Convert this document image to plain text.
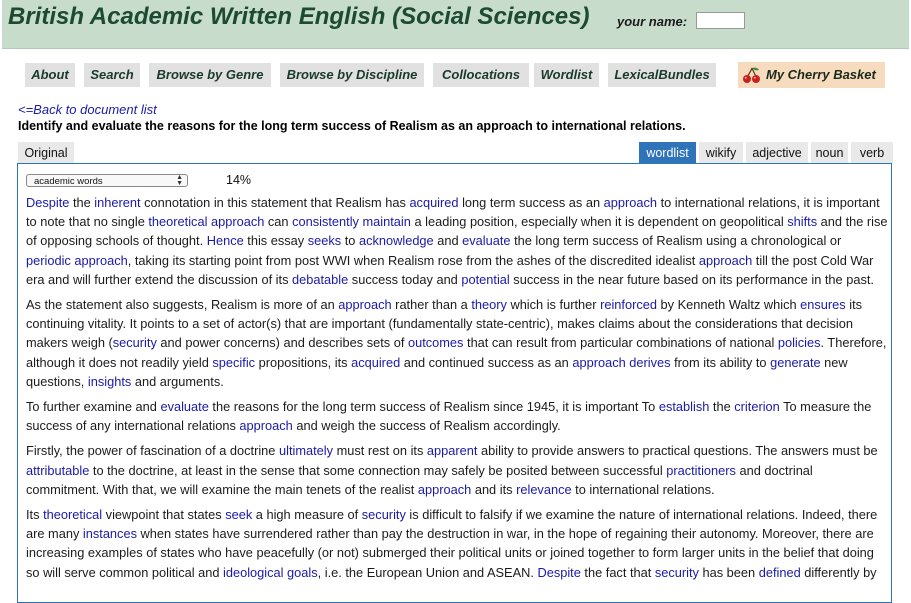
British Academic Written English (Social Sciences) your name:
About	Search	Browse by Genre	Browse by Discipline	Collocations	Wordlist	LexicalBundles	My Cherry Basket
<=Back to document list
Identify and evaluate the reasons for the long term success of Realism as an approach to international relations.
Original	wordlist	wikify	adjective	noun	verb
academic words	▲
▼	14%

Despite the inherent connotation in this statement that Realism has acquired long term success as an approach to international relations, it is important to note that no single theoretical approach can consistently maintain a leading position, especially when it is dependent on geopolitical shifts and the rise of opposing schools of thought. Hence this essay seeks to acknowledge and evaluate the long term success of Realism using a chronological or periodic approach, taking its starting point from post WWI when Realism rose from the ashes of the discredited idealist approach till the post Cold War era and will further extend the discussion of its debatable success today and potential success in the near future based on its performance in the past.

As the statement also suggests, Realism is more of an approach rather than a theory which is further reinforced by Kenneth Waltz which ensures its continuing vitality. It points to a set of actor(s) that are important (fundamentally state-centric), makes claims about the considerations that decision makers weigh (security and power concerns) and describes sets of outcomes that can result from particular combinations of national policies. Therefore, although it does not readily yield specific propositions, its acquired and continued success as an approach derives from its ability to generate new questions, insights and arguments.

To further examine and evaluate the reasons for the long term success of Realism since 1945, it is important To establish the criterion To measure the success of any international relations approach and weigh the success of Realism accordingly.

Firstly, the power of fascination of a doctrine ultimately must rest on its apparent ability to provide answers to practical questions. The answers must be attributable to the doctrine, at least in the sense that some connection may safely be posited between successful practitioners and doctrinal commitment. With that, we will examine the main tenets of the realist approach and its relevance to international relations.

Its theoretical viewpoint that states seek a high measure of security is difficult to falsify if we examine the nature of international relations. Indeed, there are many instances when states have surrendered rather than pay the destruction in war, in the hope of regaining their autonomy. Moreover, there are increasing examples of states who have peacefully (or not) submerged their political units or joined together to form larger units in the belief that doing so will serve common political and ideological goals, i.e. the European Union and ASEAN. Despite the fact that security has been defined differently by
